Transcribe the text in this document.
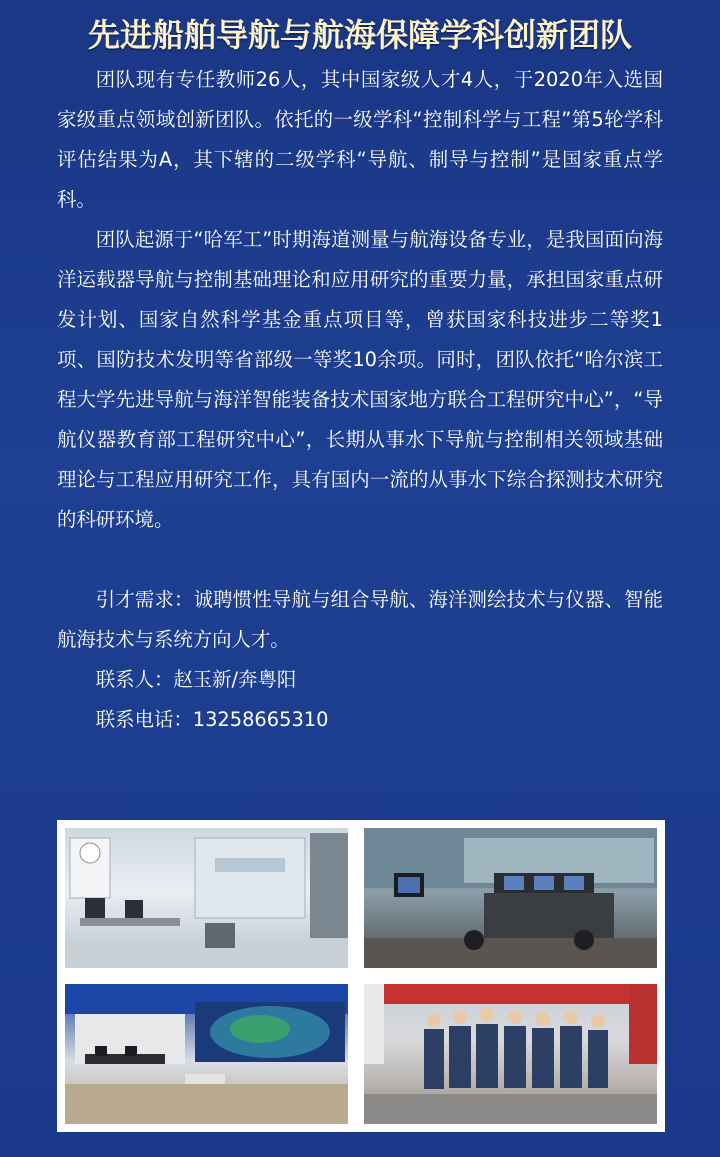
先进船舶导航与航海保障学科创新团队

团队现有专任教师26人，其中国家级人才4人，于2020年入选国家级重点领域创新团队。依托的一级学科“控制科学与工程”第5轮学科评估结果为A，其下辖的二级学科“导航、制导与控制”是国家重点学科。

团队起源于“哈军工”时期海道测量与航海设备专业，是我国面向海洋运载器导航与控制基础理论和应用研究的重要力量，承担国家重点研发计划、国家自然科学基金重点项目等，曾获国家科技进步二等奖1项、国防技术发明等省部级一等奖10余项。同时，团队依托“哈尔滨工程大学先进导航与海洋智能装备技术国家地方联合工程研究中心”，“导航仪器教育部工程研究中心”，长期从事水下导航与控制相关领域基础理论与工程应用研究工作，具有国内一流的从事水下综合探测技术研究的科研环境。

引才需求：诚聘惯性导航与组合导航、海洋测绘技术与仪器、智能航海技术与系统方向人才。

联系人：赵玉新/奔粤阳

联系电话：13258665310
